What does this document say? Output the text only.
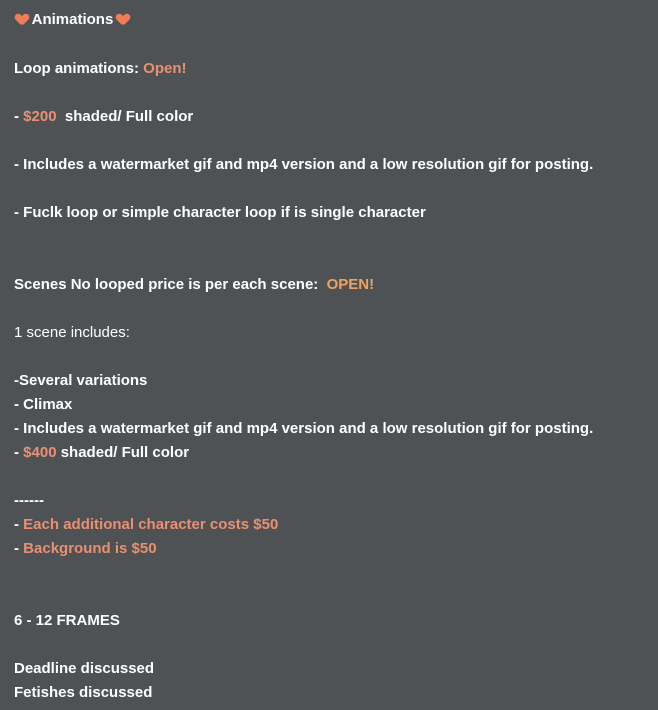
Animations
Loop animations: Open!
- $200  shaded/ Full color
- Includes a watermarket gif and mp4 version and a low resolution gif for posting.
- Fuclk loop or simple character loop if is single character
Scenes No looped price is per each scene:  OPEN!
1 scene includes:
-Several variations
- Climax
- Includes a watermarket gif and mp4 version and a low resolution gif for posting.
- $400 shaded/ Full color
------
- Each additional character costs $50
- Background is $50
6 - 12 FRAMES
Deadline discussed
Fetishes discussed
